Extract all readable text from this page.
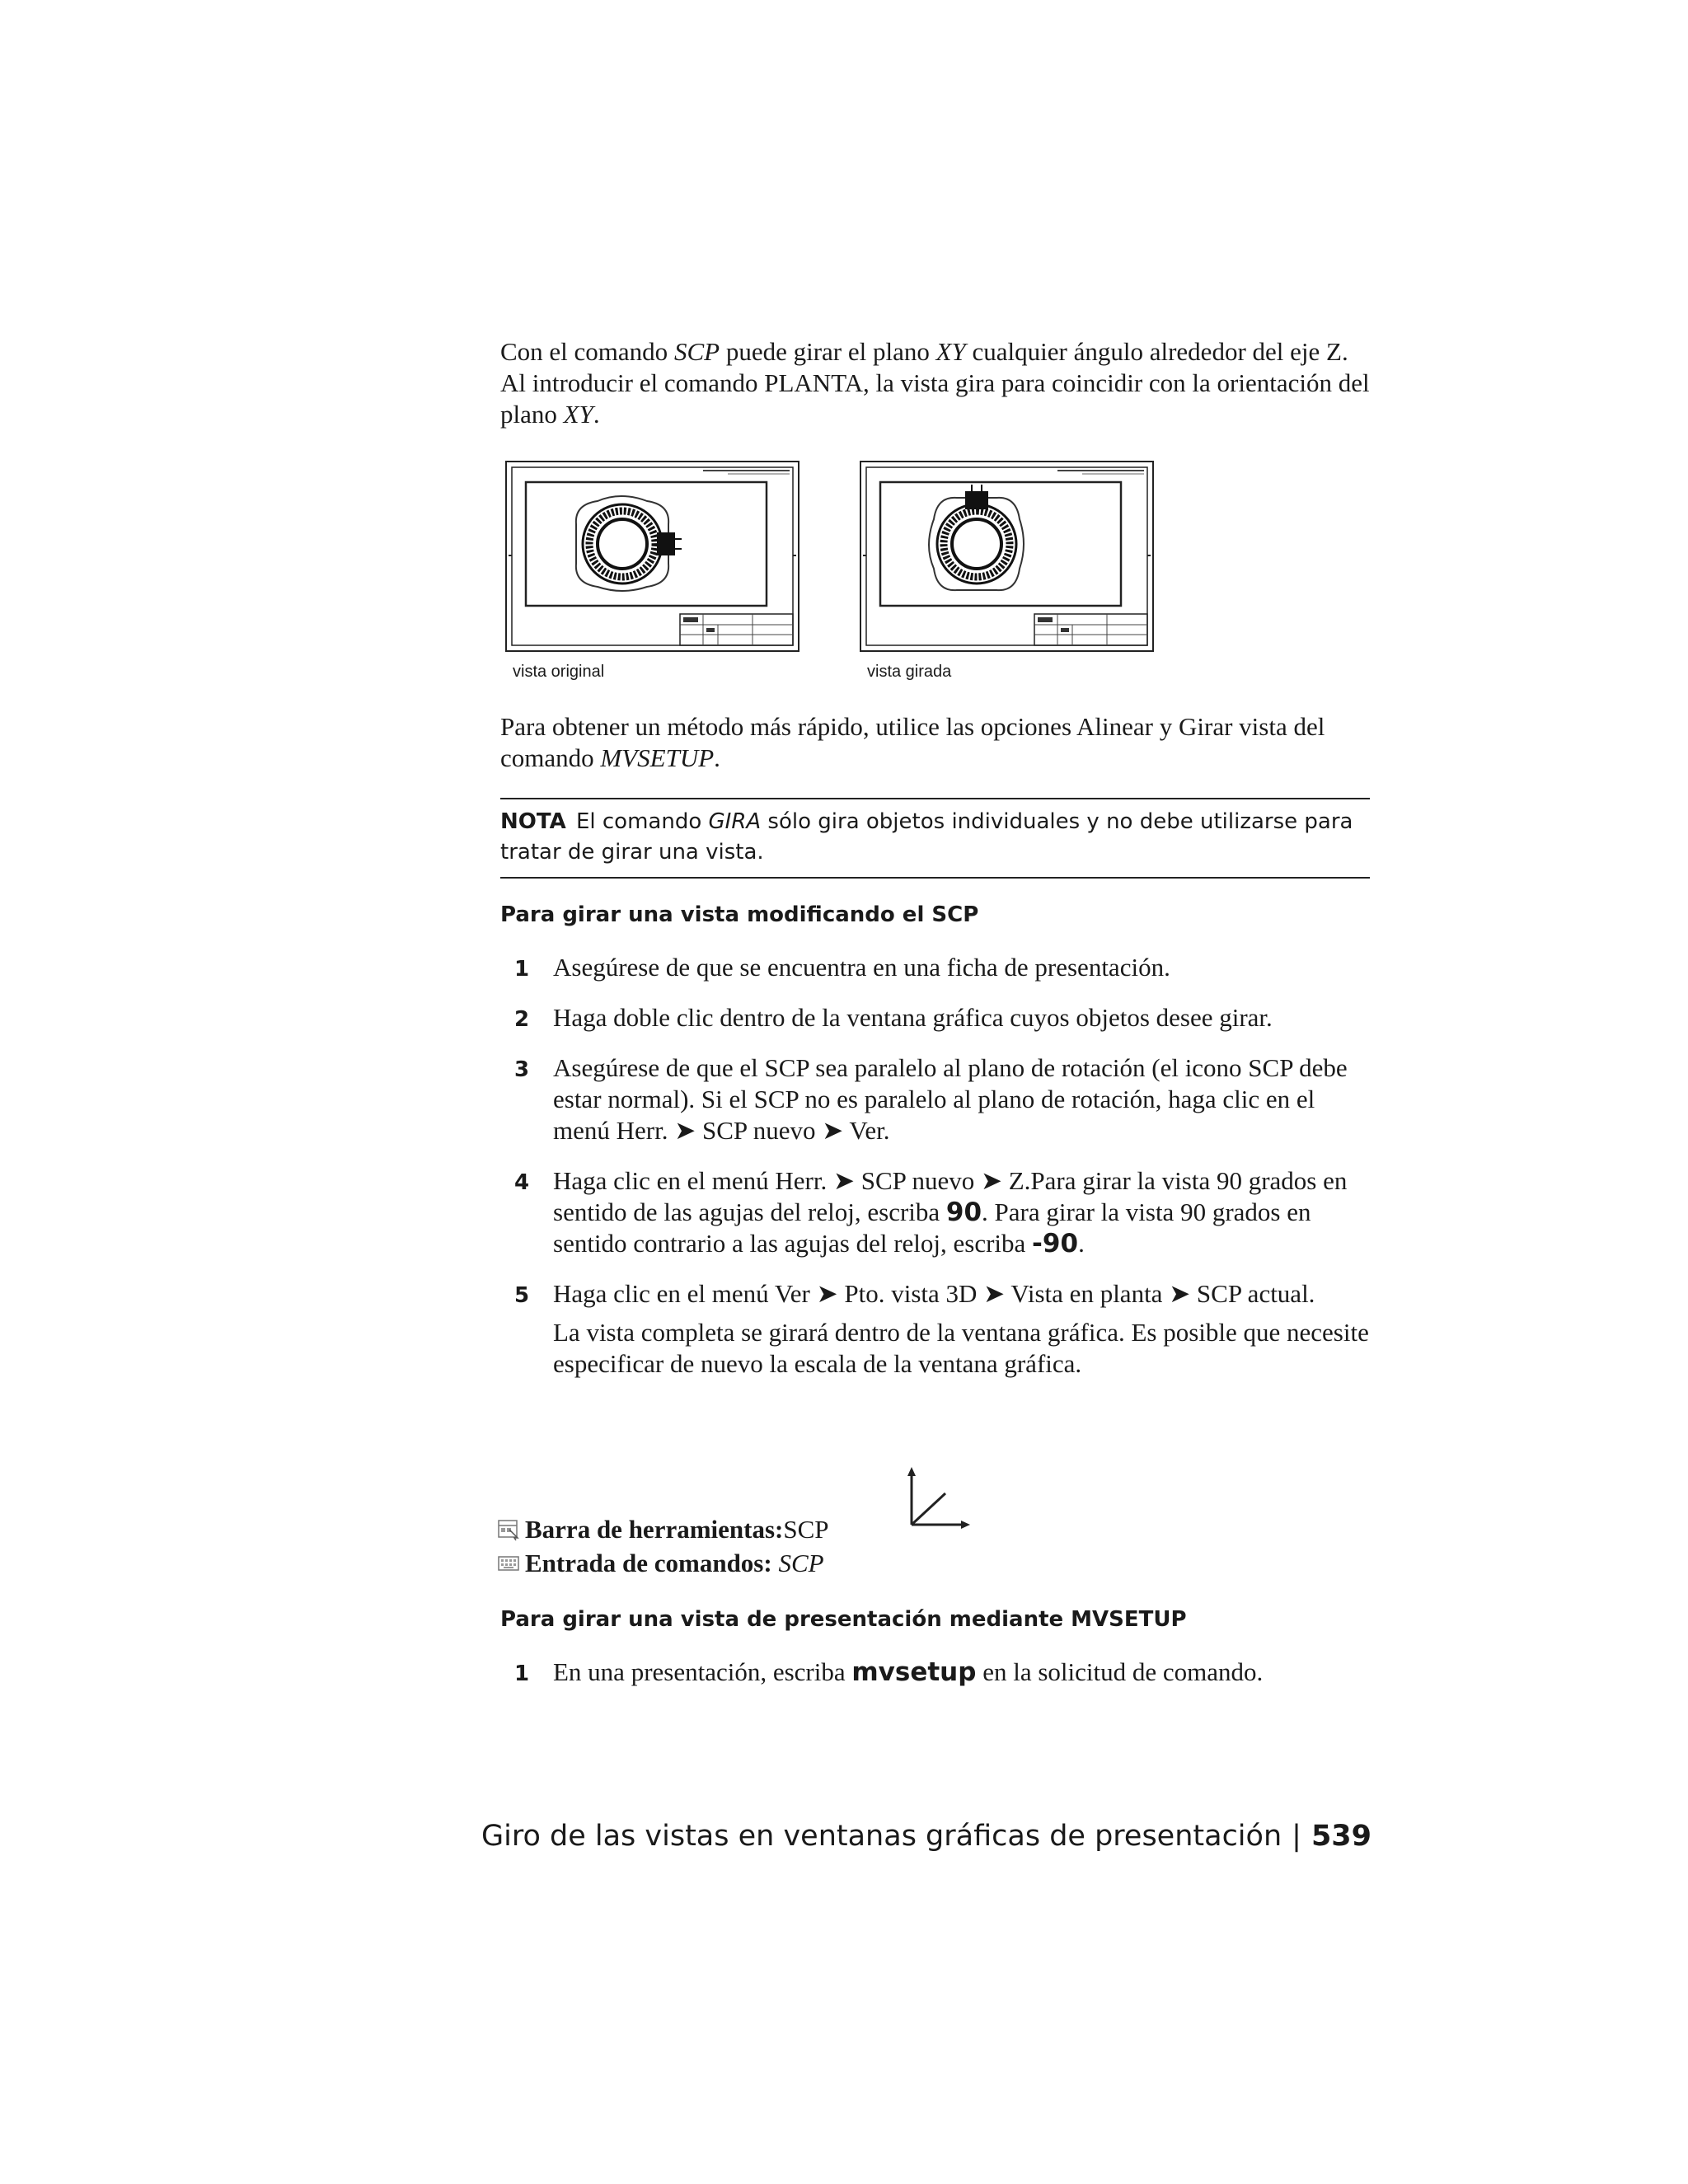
Con el comando SCP puede girar el plano XY cualquier ángulo alrededor del eje Z. Al introducir el comando PLANTA, la vista gira para coincidir con la orientación del plano XY.

vista original	vista girada

Para obtener un método más rápido, utilice las opciones Alinear y Girar vista del comando MVSETUP.

NOTA El comando GIRA sólo gira objetos individuales y no debe utilizarse para tratar de girar una vista.
Para girar una vista modificando el SCP
1 Asegúrese de que se encuentra en una ficha de presentación.

2 Haga doble clic dentro de la ventana gráfica cuyos objetos desee girar.

3 Asegúrese de que el SCP sea paralelo al plano de rotación (el icono SCP debe estar normal). Si el SCP no es paralelo al plano de rotación, haga clic en el menú Herr. ➤ SCP nuevo ➤ Ver.

4 Haga clic en el menú Herr. ➤ SCP nuevo ➤ Z.Para girar la vista 90 grados en sentido de las agujas del reloj, escriba 90. Para girar la vista 90 grados en sentido contrario a las agujas del reloj, escriba -90.

5 Haga clic en el menú Ver ➤ Pto. vista 3D ➤ Vista en planta ➤ SCP actual.

La vista completa se girará dentro de la ventana gráfica. Es posible que necesite especificar de nuevo la escala de la ventana gráfica.

Barra de herramientas: SCP
Entrada de comandos:
SCP
Para girar una vista de presentación mediante MVSETUP
1 En una presentación, escriba mvsetup en la solicitud de comando.

Giro de las vistas en ventanas gráficas de presentación | 539
